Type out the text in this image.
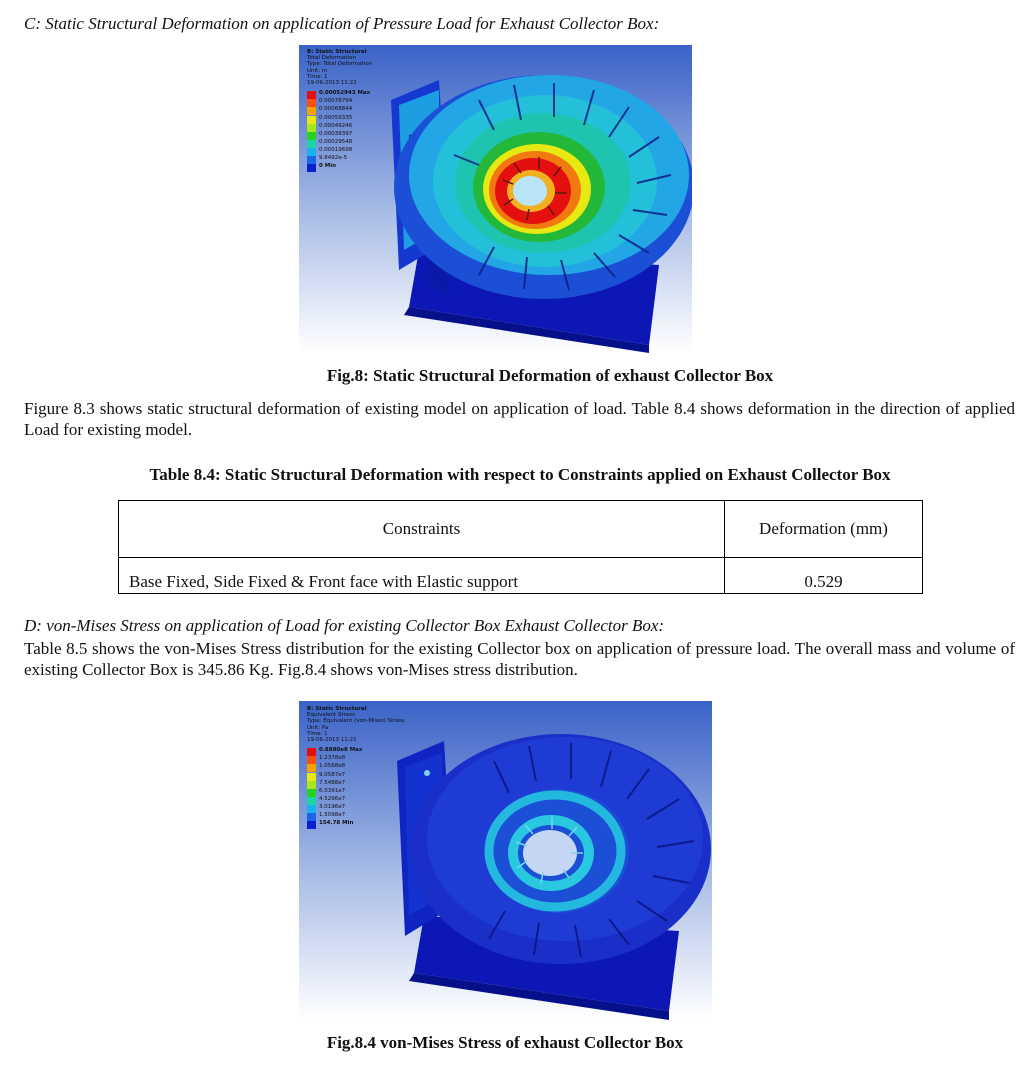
C: Static Structural Deformation on application of Pressure Load for Exhaust Collector Box:
B: Static Structural
Total Deformation
Type: Total Deformation
Unit: m
Time: 1
19-06-2013 11:22
0.00052943 Max
0.00078794
0.00068844
0.00059335
0.00049246
0.00039397
0.00029548
0.00019698
9.8492e-5
0 Min
Fig.8: Static Structural Deformation of exhaust Collector Box
Figure 8.3 shows static structural deformation of existing model on application of load. Table 8.4 shows deformation in the direction of applied Load for existing model.
Table 8.4: Static Structural Deformation with respect to Constraints applied on Exhaust Collector Box
Constraints	Deformation (mm)
Base Fixed, Side Fixed & Front face with Elastic support	0.529
D: von-Mises Stress on application of Load for existing Collector Box Exhaust Collector Box:
Table 8.5 shows the von-Mises Stress distribution for the existing Collector box on application of pressure load. The overall mass and volume of existing Collector Box is 345.86 Kg. Fig.8.4 shows von-Mises stress distribution.
B: Static Structural
Equivalent Stress
Type: Equivalent (von-Mises) Stress
Unit: Pa
Time: 1
19-06-2013 11:21
0.8880e8 Max
1.2378e8
1.0568e8
9.0587e7
7.5488e7
6.0391e7
4.5296e7
3.0196e7
1.5098e7
154.78 Min
Fig.8.4 von-Mises Stress of exhaust Collector Box
